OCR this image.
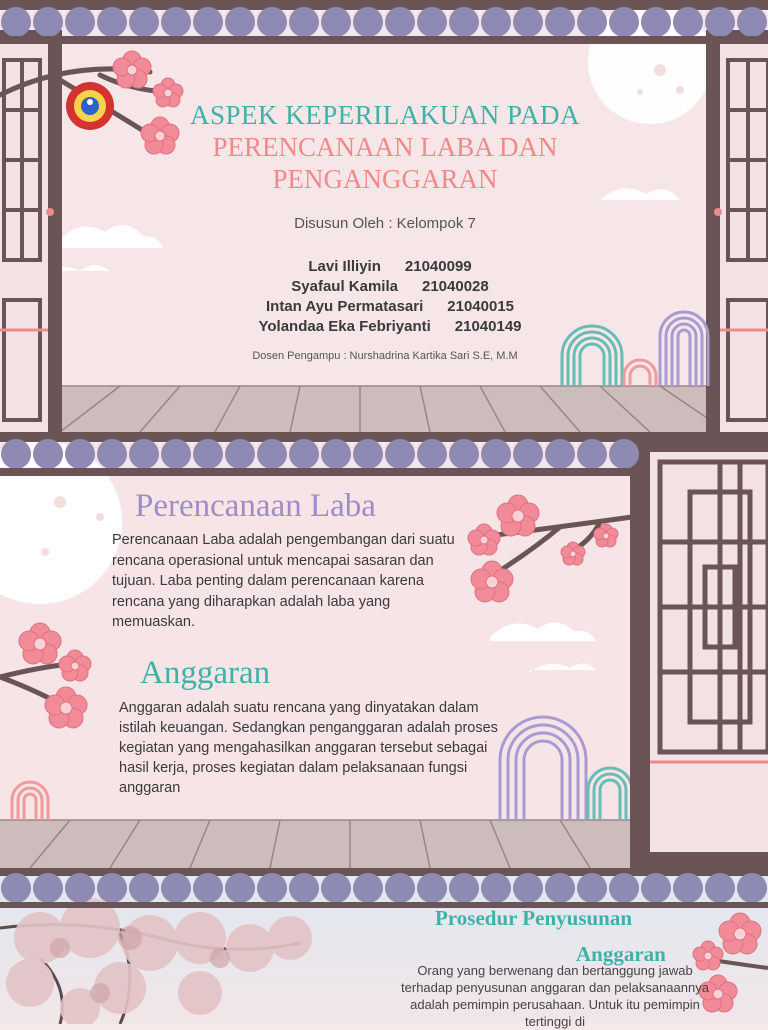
ASPEK KEPERILAKUAN PADA
PERENCANAAN LABA DAN
PENGANGGARAN
Disusun Oleh : Kelompok 7
Lavi Illiyin 21040099
Syafaul Kamila 21040028
Intan Ayu Permatasari 21040015
Yolandaa Eka Febriyanti 21040149
Dosen Pengampu : Nurshadrina Kartika Sari S.E, M.M
Perencanaan Laba
Perencanaan Laba adalah pengembangan dari suatu rencana operasional untuk mencapai sasaran dan tujuan. Laba penting dalam perencanaan karena rencana yang diharapkan adalah laba yang memuaskan.
Anggaran
Anggaran adalah suatu rencana yang dinyatakan dalam istilah keuangan. Sedangkan penganggaran adalah proses kegiatan yang mengahasilkan anggaran tersebut sebagai hasil kerja, proses kegiatan dalam pelaksanaan fungsi anggaran
Prosedur Penyusunan
Anggaran
Orang yang berwenang dan bertanggung jawab terhadap penyusunan anggaran dan pelaksanaannya adalah pemimpin perusahaan. Untuk itu pemimpin tertinggi di
